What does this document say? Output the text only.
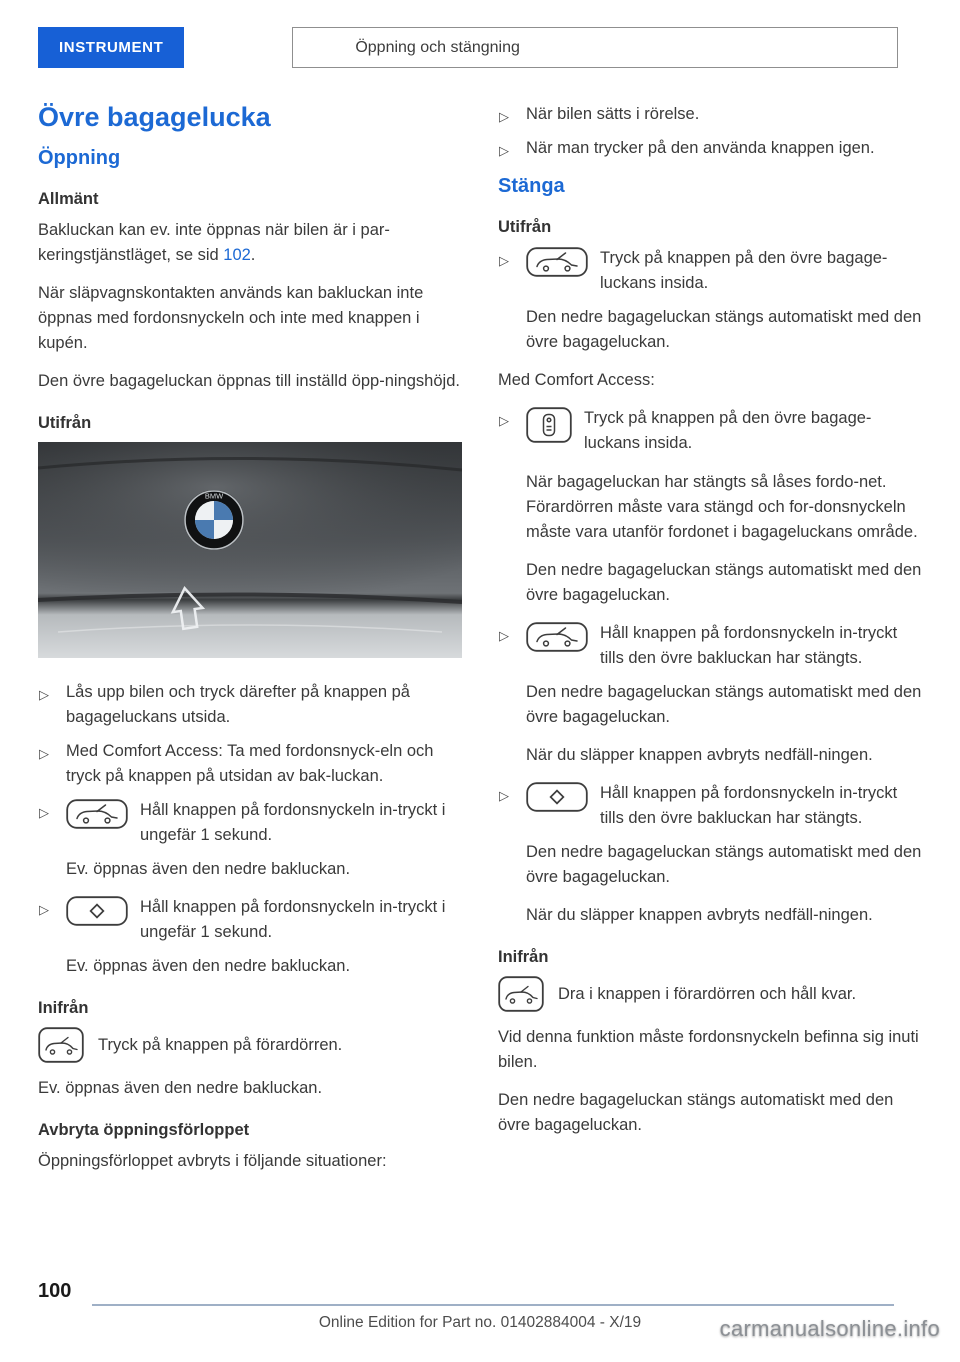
INSTRUMENT	Öppning och stängning
Övre bagagelucka
Öppning
Allmänt

Bakluckan kan ev. inte öppnas när bilen är i par-keringstjänstläget, se sid 102.

När släpvagnskontakten används kan bakluckan inte öppnas med fordonsnyckeln och inte med knappen i kupén.

Den övre bagageluckan öppnas till inställd öpp-ningshöjd.

Utifrån
BMW
▷ Lås upp bilen och tryck därefter på knappen på bagageluckans utsida.
▷ Med Comfort Access: Ta med fordonsnyck-eln och tryck på knappen på utsidan av bak-luckan.
▷	Håll knappen på fordonsnyckeln in-tryckt i ungefär 1 sekund.

Ev. öppnas även den nedre bakluckan.

▷	Håll knappen på fordonsnyckeln in-tryckt i ungefär 1 sekund.

Ev. öppnas även den nedre bakluckan.

Inifrån
Tryck på knappen på förardörren.

Ev. öppnas även den nedre bakluckan.

Avbryta öppningsförloppet

Öppningsförloppet avbryts i följande situationer:

▷ När bilen sätts i rörelse.
▷ När man trycker på den använda knappen igen.
Stänga
Utifrån
▷	Tryck på knappen på den övre bagage-luckans insida.

Den nedre bagageluckan stängs automatiskt med den övre bagageluckan.

Med Comfort Access:

▷	Tryck på knappen på den övre bagage-luckans insida.

När bagageluckan har stängts så låses fordo-net. Förardörren måste vara stängd och for-donsnyckeln måste vara utanför fordonet i bagageluckans område.

Den nedre bagageluckan stängs automatiskt med den övre bagageluckan.

▷	Håll knappen på fordonsnyckeln in-tryckt tills den övre bakluckan har stängts.

Den nedre bagageluckan stängs automatiskt med den övre bagageluckan.

När du släpper knappen avbryts nedfäll-ningen.

▷	Håll knappen på fordonsnyckeln in-tryckt tills den övre bakluckan har stängts.

Den nedre bagageluckan stängs automatiskt med den övre bagageluckan.

När du släpper knappen avbryts nedfäll-ningen.

Inifrån
Dra i knappen i förardörren och håll kvar.

Vid denna funktion måste fordonsnyckeln befinna sig inuti bilen.

Den nedre bagageluckan stängs automatiskt med den övre bagageluckan.

100
Online Edition for Part no. 01402884004 - X/19	carmanualsonline.info
